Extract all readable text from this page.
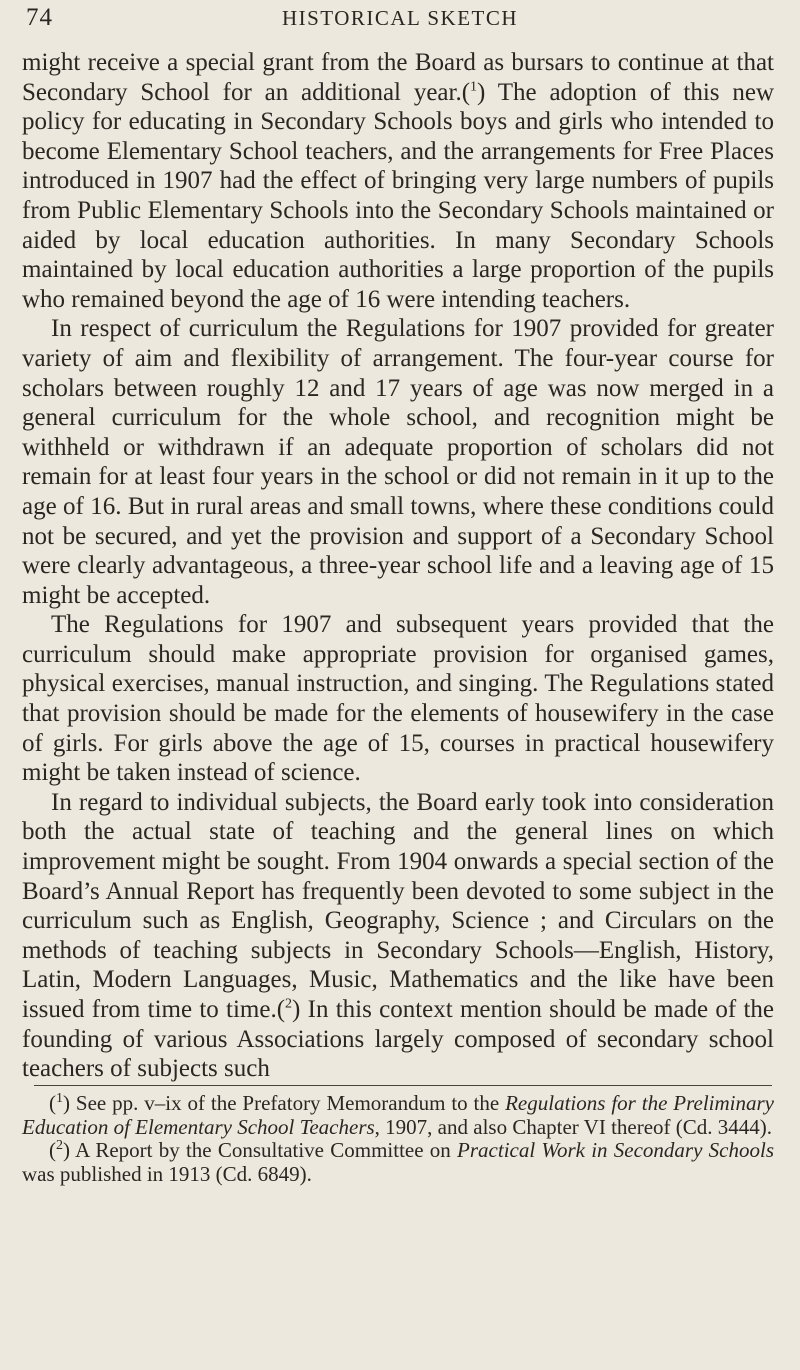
74	HISTORICAL SKETCH

might receive a special grant from the Board as bursars to continue at that Secondary School for an additional year.($^1$) The adoption of this new policy for educating in Secondary Schools boys and girls who intended to become Elementary School teachers, and the arrangements for Free Places introduced in 1907 had the effect of bringing very large numbers of pupils from Public Elementary Schools into the Secondary Schools maintained or aided by local education authorities. In many Secondary Schools maintained by local education authorities a large proportion of the pupils who remained beyond the age of 16 were intending teachers.

In respect of curriculum the Regulations for 1907 provided for greater variety of aim and flexibility of arrangement. The four-year course for scholars between roughly 12 and 17 years of age was now merged in a general curriculum for the whole school, and recognition might be withheld or withdrawn if an adequate proportion of scholars did not remain for at least four years in the school or did not remain in it up to the age of 16. But in rural areas and small towns, where these conditions could not be secured, and yet the provision and support of a Secondary School were clearly advantageous, a three-year school life and a leaving age of 15 might be accepted.

The Regulations for 1907 and subsequent years provided that the curriculum should make appropriate provision for organised games, physical exercises, manual instruction, and singing. The Regulations stated that provision should be made for the elements of housewifery in the case of girls. For girls above the age of 15, courses in practical housewifery might be taken instead of science.

In regard to individual subjects, the Board early took into consideration both the actual state of teaching and the general lines on which improvement might be sought. From 1904 onwards a special section of the Board’s Annual Report has frequently been devoted to some subject in the curriculum such as English, Geography, Science ; and Circulars on the methods of teaching subjects in Secondary Schools—English, History, Latin, Modern Languages, Music, Mathematics and the like have been issued from time to time.($^2$) In this context mention should be made of the founding of various Associations largely composed of secondary school teachers of subjects such

($^1$) See pp. v–ix of the Prefatory Memorandum to the Regulations for the Preliminary Education of Elementary School Teachers, 1907, and also Chapter VI thereof (Cd. 3444).

($^2$) A Report by the Consultative Committee on Practical Work in Secondary Schools was published in 1913 (Cd. 6849).
